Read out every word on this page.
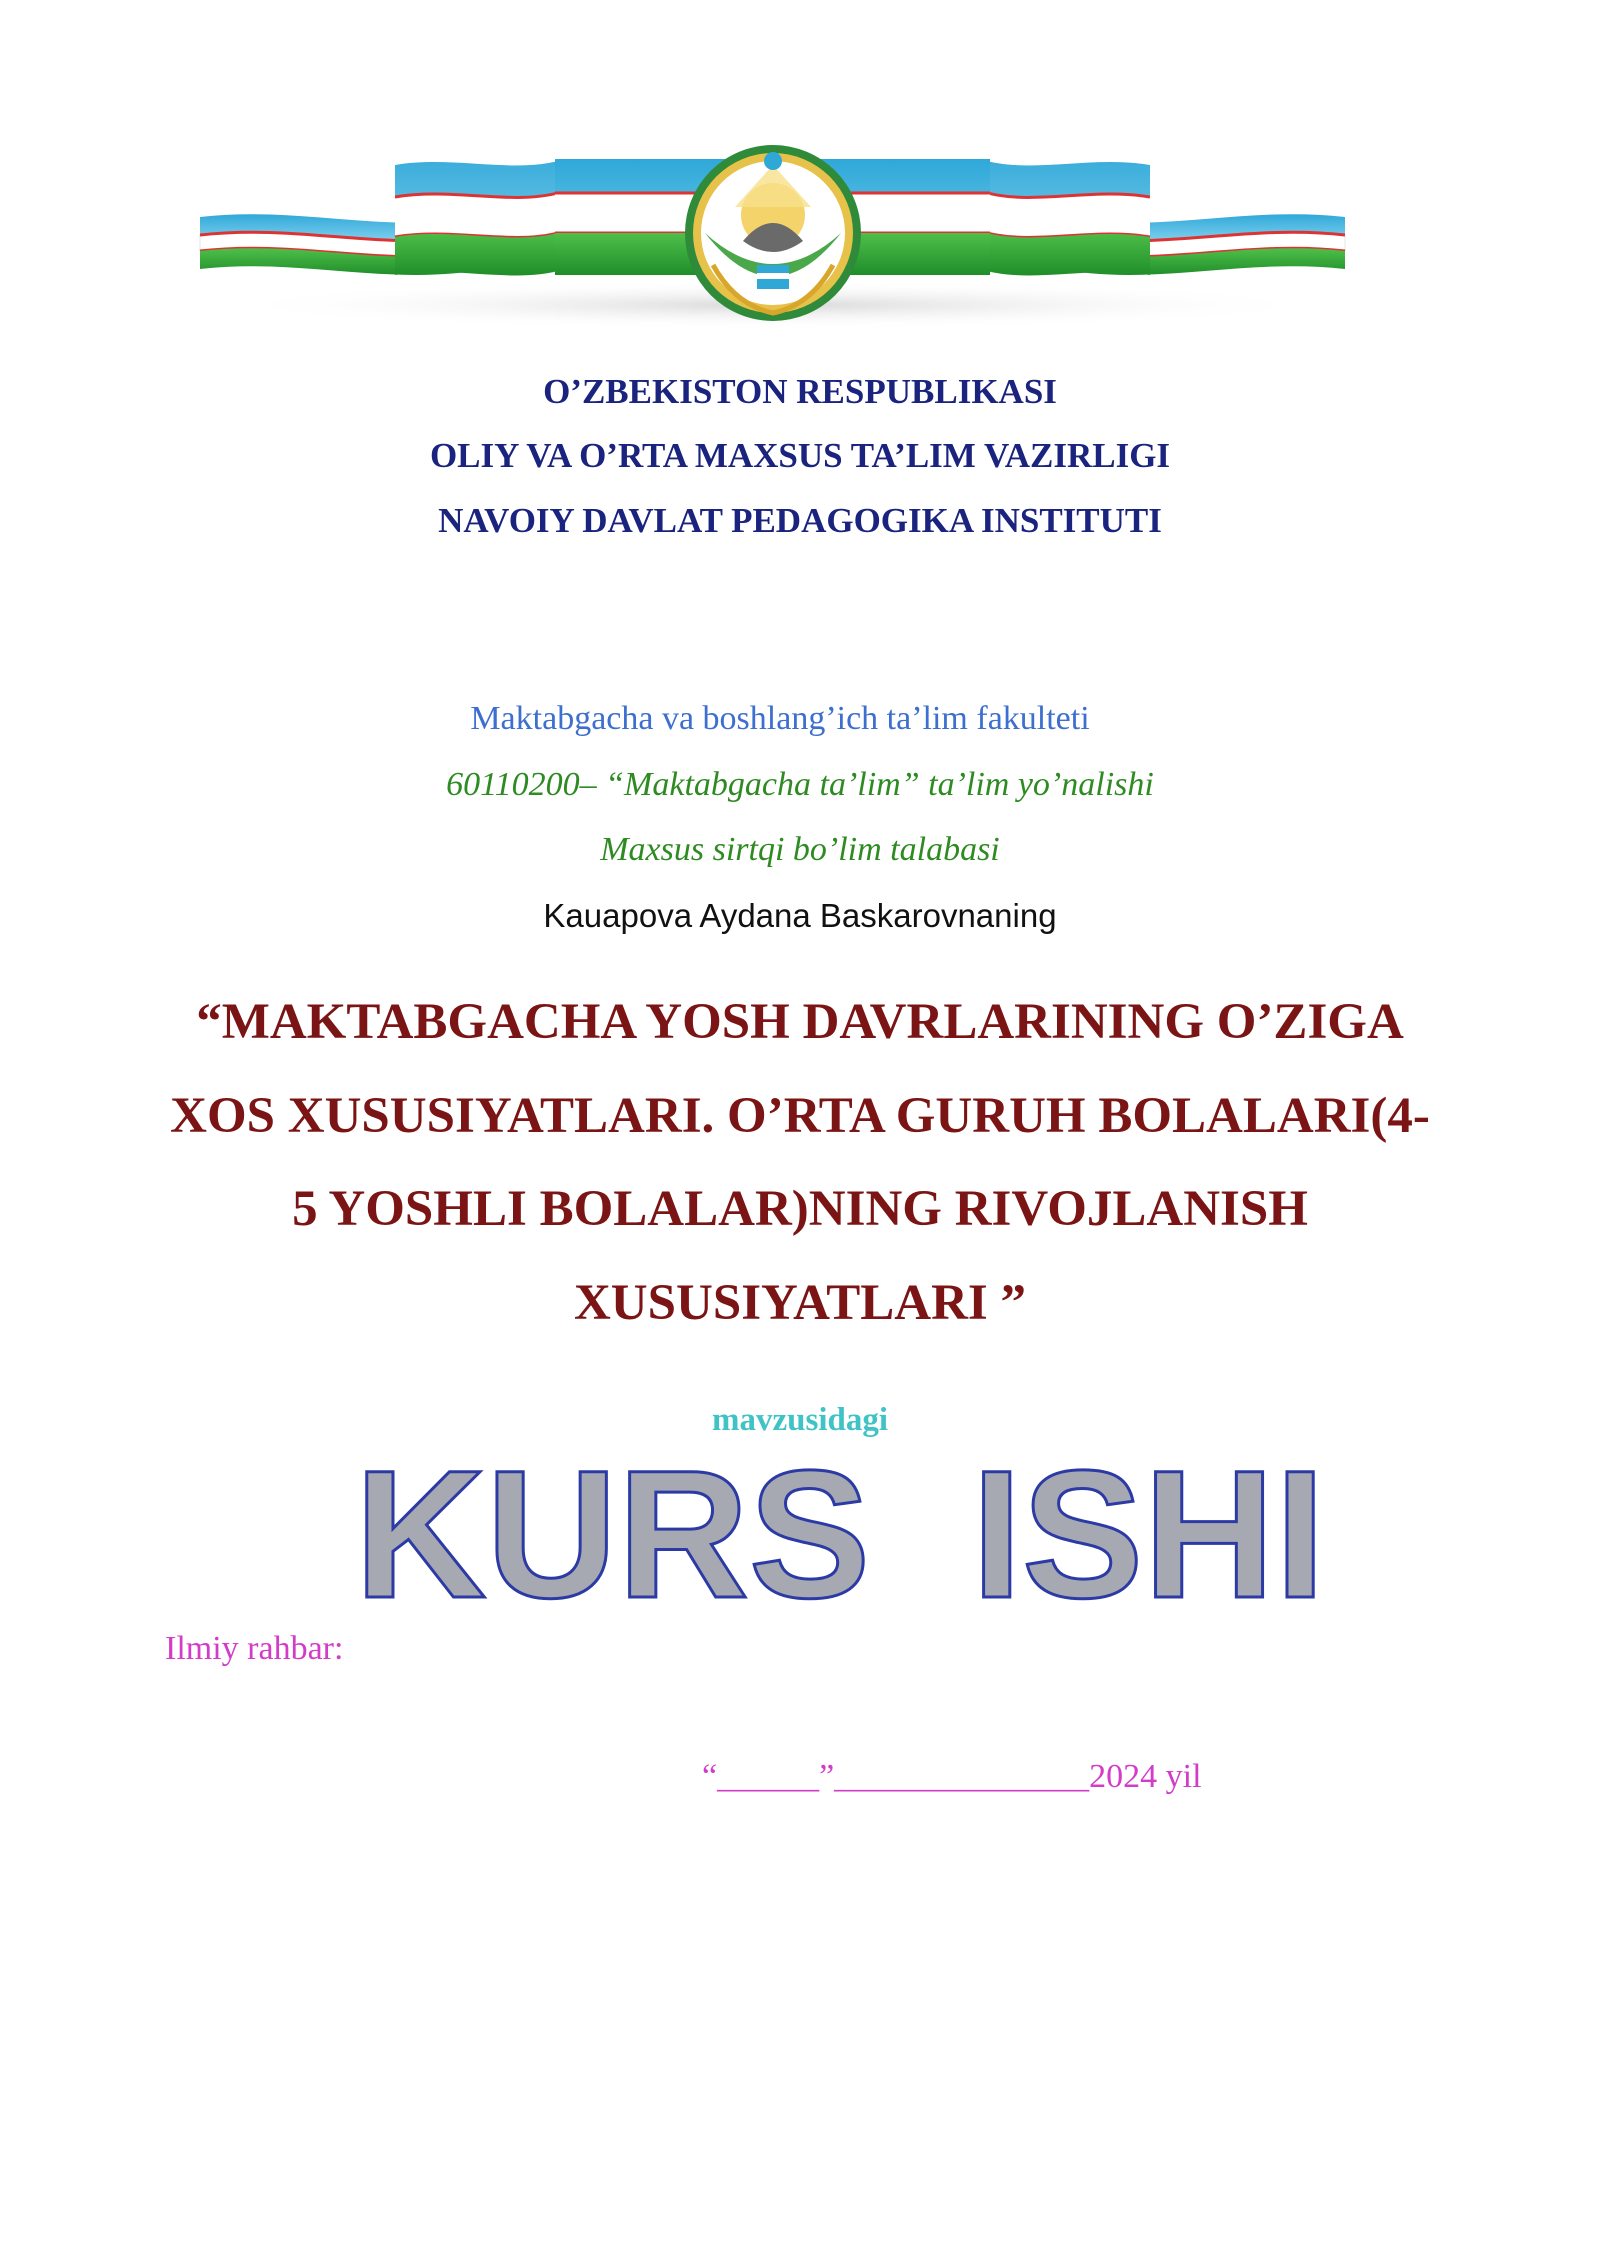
O’ZBEKISTON RESPUBLIKASI
OLIY VA O’RTA MAXSUS TA’LIM VAZIRLIGI
NAVOIY DAVLAT PEDAGOGIKA INSTITUTI
Maktabgacha va boshlang’ich ta’lim fakulteti
60110200– “Maktabgacha ta’lim” ta’lim yo’nalishi
Maxsus sirtqi bo’lim talabasi
Kauapova Aydana Baskarovnaning
“MAKTABGACHA YOSH DAVRLARINING O’ZIGA
XOS XUSUSIYATLARI. O’RTA GURUH BOLALARI(4-
5 YOSHLI BOLALAR)NING RIVOJLANISH
XUSUSIYATLARI ”
mavzusidagi
KURS  ISHI
Ilmiy rahbar:
“______”_______________2024 yil
